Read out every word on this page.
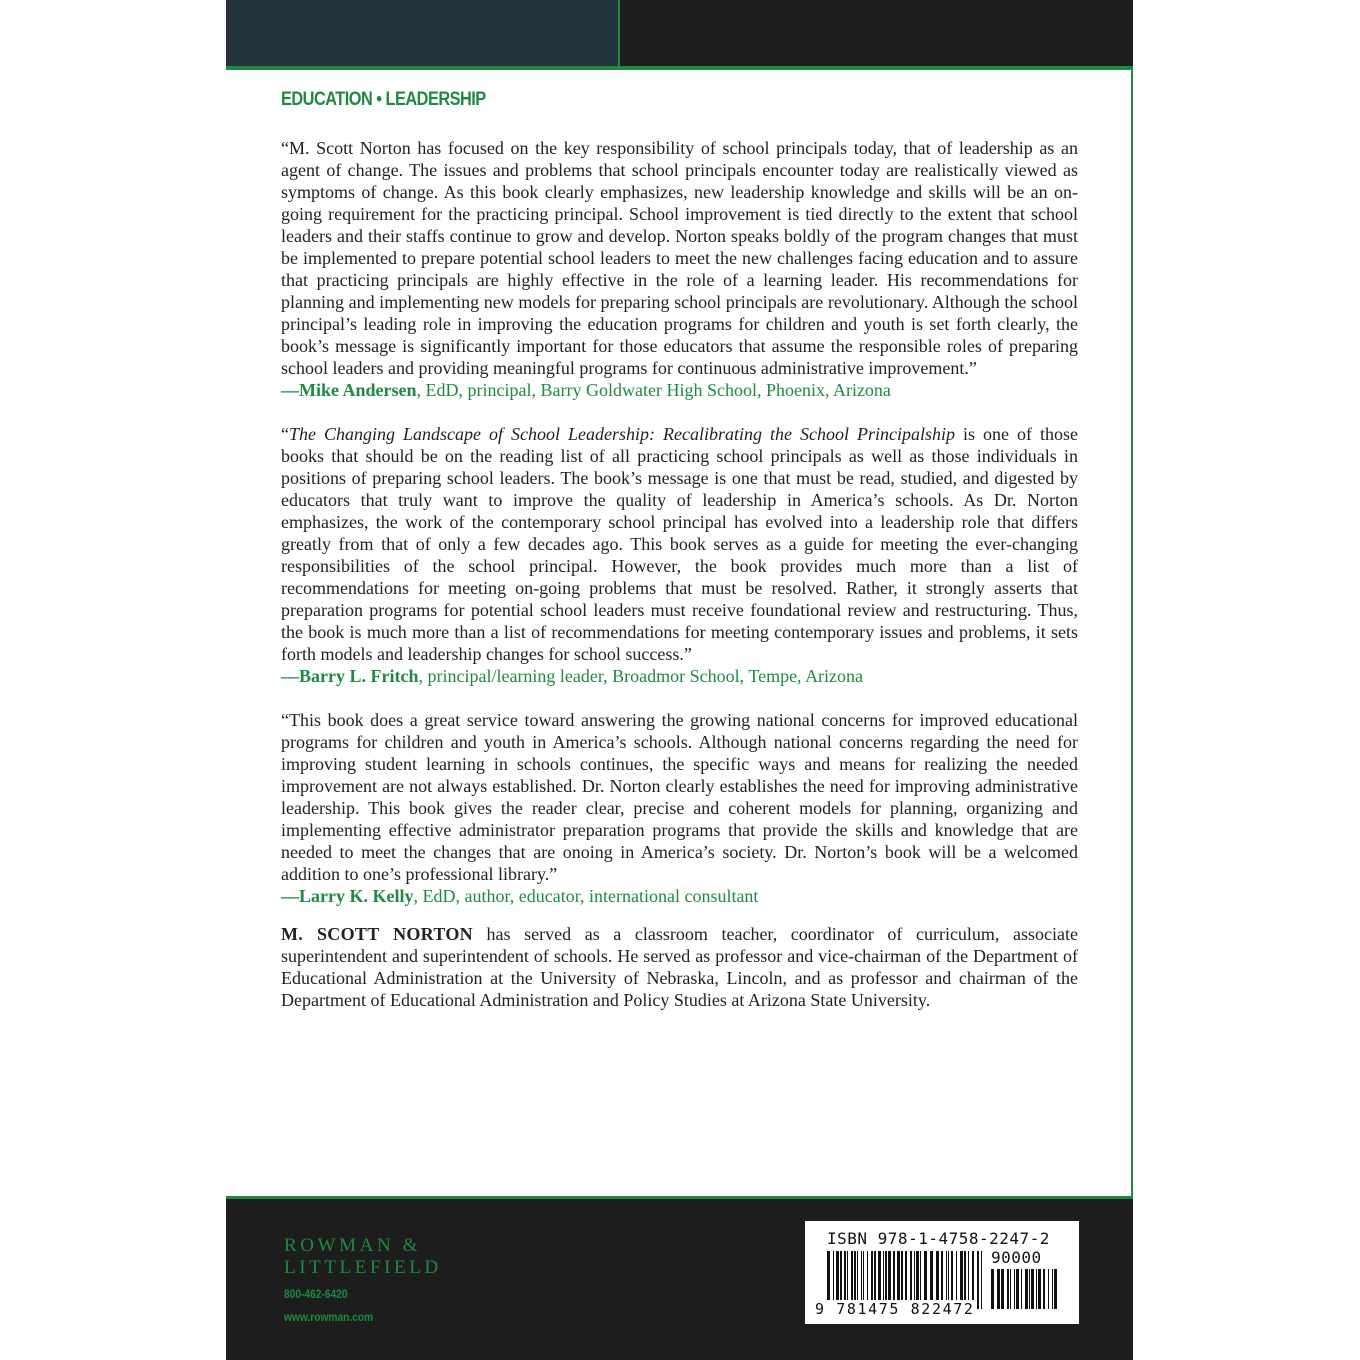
EDUCATION • LEADERSHIP

“M. Scott Norton has focused on the key responsibility of school principals today, that of leadership as an agent of change. The issues and problems that school principals encounter today are realistically viewed as symptoms of change. As this book clearly emphasizes, new leadership knowledge and skills will be an on-going requirement for the practicing principal. School improvement is tied directly to the extent that school leaders and their staffs continue to grow and develop. Norton speaks boldly of the program changes that must be implemented to prepare potential school leaders to meet the new challenges facing education and to assure that practicing principals are highly effective in the role of a learning leader. His recommendations for planning and implementing new models for preparing school principals are revolutionary. Although the school principal’s leading role in improving the education programs for children and youth is set forth clearly, the book’s message is significantly important for those educators that assume the responsible roles of preparing school leaders and providing meaningful programs for continuous administrative improvement.”

—Mike Andersen, EdD, principal, Barry Goldwater High School, Phoenix, Arizona

“The Changing Landscape of School Leadership: Recalibrating the School Principalship is one of those books that should be on the reading list of all practicing school principals as well as those individuals in positions of preparing school leaders. The book’s message is one that must be read, studied, and digested by educators that truly want to improve the quality of leadership in America’s schools. As Dr. Norton emphasizes, the work of the contemporary school principal has evolved into a leadership role that differs greatly from that of only a few decades ago. This book serves as a guide for meeting the ever-changing responsibilities of the school principal. However, the book provides much more than a list of recommendations for meeting on-going problems that must be resolved. Rather, it strongly asserts that preparation programs for potential school leaders must receive foundational review and restructuring. Thus, the book is much more than a list of recommendations for meeting contemporary issues and problems, it sets forth models and leadership changes for school success.”

—Barry L. Fritch, principal/learning leader, Broadmor School, Tempe, Arizona

“This book does a great service toward answering the growing national concerns for improved educational programs for children and youth in America’s schools. Although national concerns regarding the need for improving student learning in schools continues, the specific ways and means for realizing the needed improvement are not always established. Dr. Norton clearly establishes the need for improving administrative leadership. This book gives the reader clear, precise and coherent models for planning, organizing and implementing effective administrator preparation programs that provide the skills and knowledge that are needed to meet the changes that are onoing in America’s society. Dr. Norton’s book will be a welcomed addition to one’s professional library.”

—Larry K. Kelly, EdD, author, educator, international consultant

M. SCOTT NORTON has served as a classroom teacher, coordinator of curriculum, associate superintendent and superintendent of schools. He served as professor and vice-chairman of the Department of Educational Administration at the University of Nebraska, Lincoln, and as professor and chairman of the Department of Educational Administration and Policy Studies at Arizona State University.

ROWMAN &
LITTLEFIELD
800-462-6420
www.rowman.com
ISBN 978-1-4758-2247-2
90000
9 781475 822472
